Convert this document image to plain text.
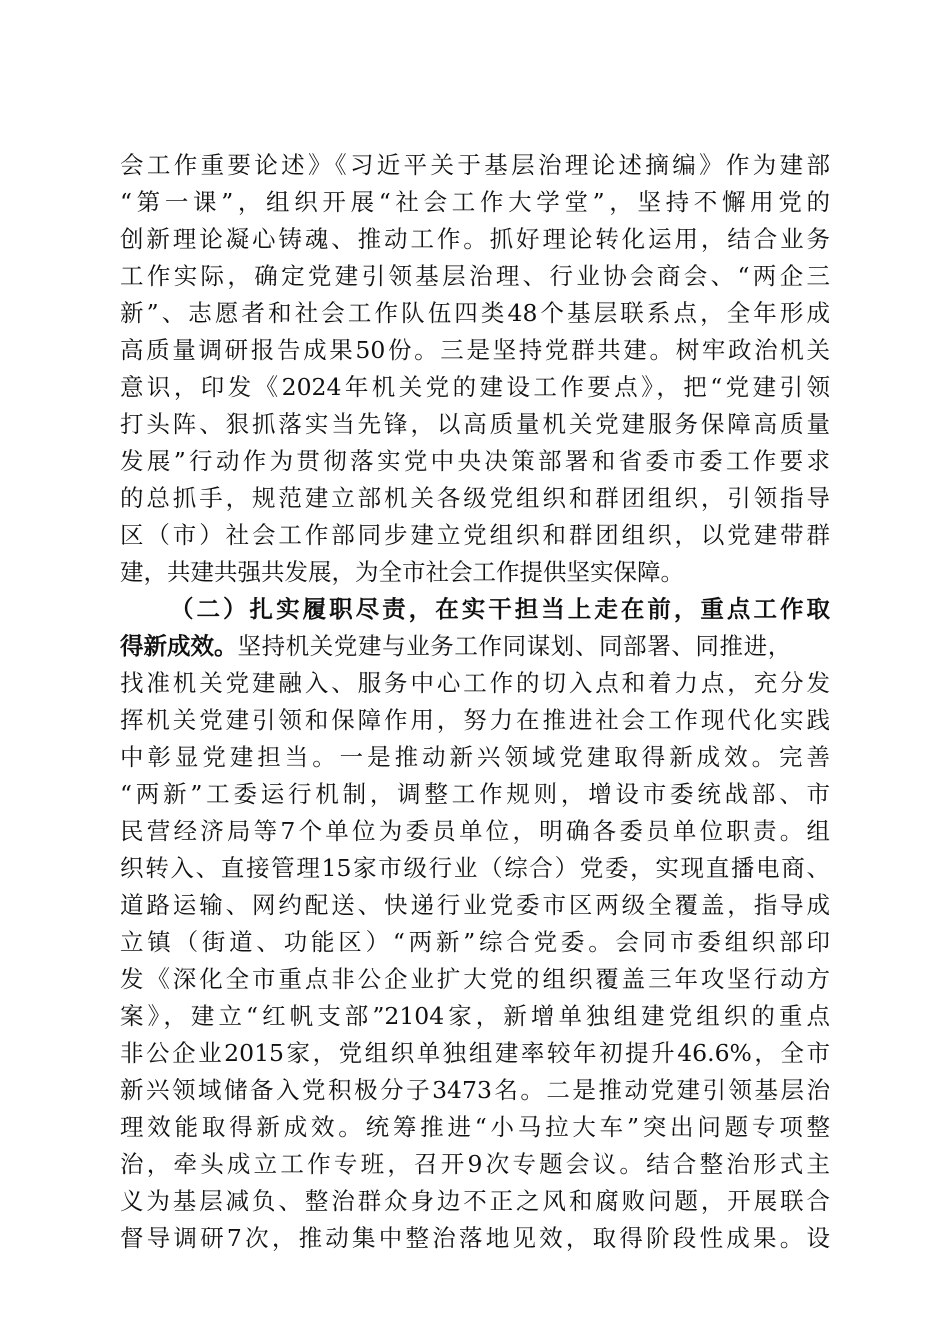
会工作重要论述》《习近平关于基层治理论述摘编》作为建部
“第一课”，组织开展“社会工作大学堂”，坚持不懈用党的
创新理论凝心铸魂、推动工作。抓好理论转化运用，结合业务
工作实际，确定党建引领基层治理、行业协会商会、“两企三
新”、志愿者和社会工作队伍四类48个基层联系点，全年形成
高质量调研报告成果50份。三是坚持党群共建。树牢政治机关
意识，印发《2024年机关党的建设工作要点》，把“党建引领
打头阵、狠抓落实当先锋，以高质量机关党建服务保障高质量
发展”行动作为贯彻落实党中央决策部署和省委市委工作要求
的总抓手，规范建立部机关各级党组织和群团组织，引领指导
区（市）社会工作部同步建立党组织和群团组织，以党建带群
建，共建共强共发展，为全市社会工作提供坚实保障。
（二）扎实履职尽责，在实干担当上走在前，重点工作取
得新成效。坚持机关党建与业务工作同谋划、同部署、同推进，
找准机关党建融入、服务中心工作的切入点和着力点，充分发
挥机关党建引领和保障作用，努力在推进社会工作现代化实践
中彰显党建担当。一是推动新兴领域党建取得新成效。完善
“两新”工委运行机制，调整工作规则，增设市委统战部、市
民营经济局等7个单位为委员单位，明确各委员单位职责。组
织转入、直接管理15家市级行业（综合）党委，实现直播电商、
道路运输、网约配送、快递行业党委市区两级全覆盖，指导成
立镇（街道、功能区）“两新”综合党委。会同市委组织部印
发《深化全市重点非公企业扩大党的组织覆盖三年攻坚行动方
案》，建立“红帆支部”2104家，新增单独组建党组织的重点
非公企业2015家，党组织单独组建率较年初提升46.6%，全市
新兴领域储备入党积极分子3473名。二是推动党建引领基层治
理效能取得新成效。统筹推进“小马拉大车”突出问题专项整
治，牵头成立工作专班，召开9次专题会议。结合整治形式主
义为基层减负、整治群众身边不正之风和腐败问题，开展联合
督导调研7次，推动集中整治落地见效，取得阶段性成果。设
